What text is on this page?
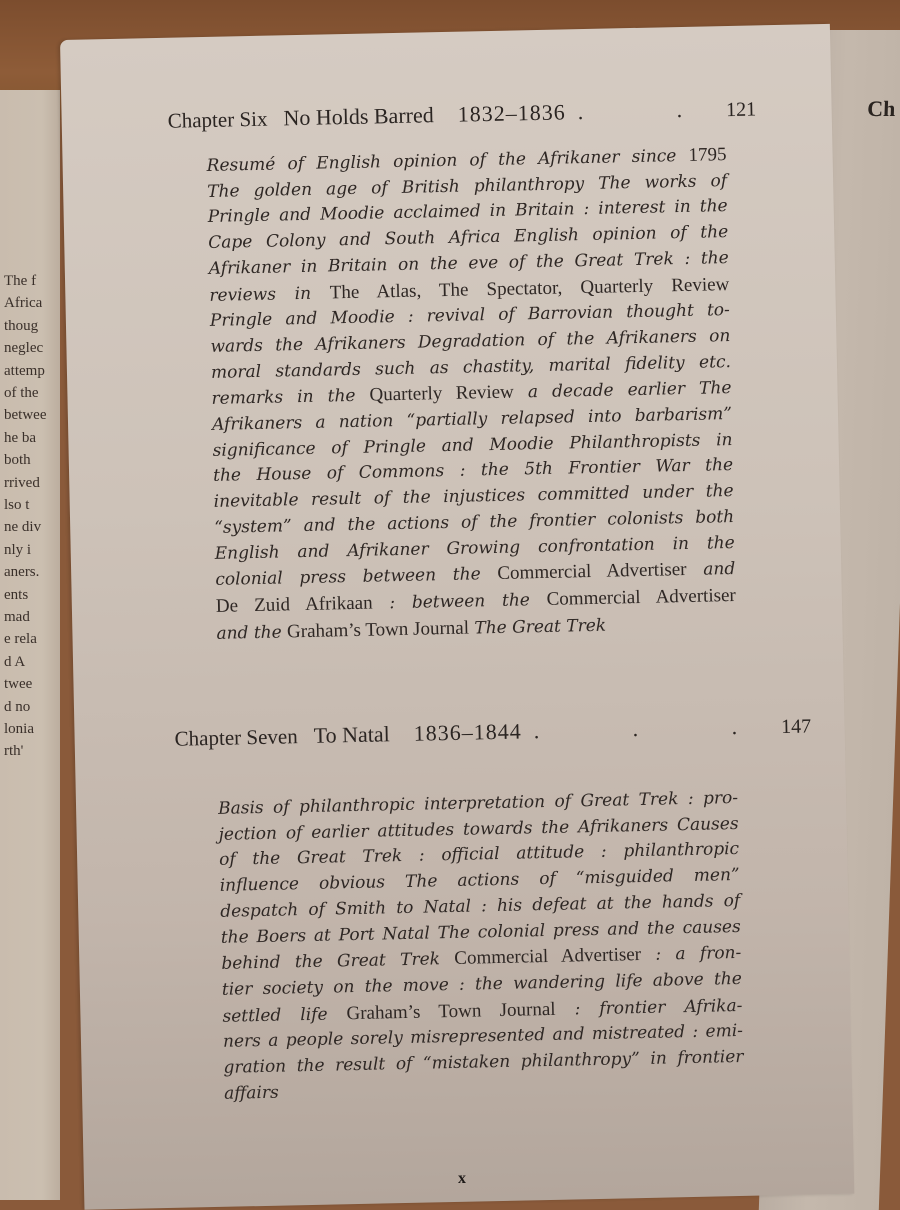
The f
Africa
thoug
neglec
attemp
of the
betwee
he ba
both
rrived
lso t
ne div
nly i
aners.
ents
mad
e rela
d A
twee
d no
lonia
rth'
Ch
Chapter Six No Holds Barred 1832–1836 . . 121
Resumé of English opinion of the Afrikaner since 1795
The golden age of British philanthropy The works of
Pringle and Moodie acclaimed in Britain : interest in the
Cape Colony and South Africa English opinion of the
Afrikaner in Britain on the eve of the Great Trek : the
reviews in The Atlas, The Spectator, Quarterly Review
Pringle and Moodie : revival of Barrovian thought to-
wards the Afrikaners Degradation of the Afrikaners on
moral standards such as chastity, marital fidelity etc.
remarks in the Quarterly Review a decade earlier The
Afrikaners a nation “partially relapsed into barbarism”
significance of Pringle and Moodie Philanthropists in
the House of Commons : the 5th Frontier War the
inevitable result of the injustices committed under the
“system” and the actions of the frontier colonists both
English and Afrikaner Growing confrontation in the
colonial press between the Commercial Advertiser and
De Zuid Afrikaan : between the Commercial Advertiser
and the Graham’s Town Journal The Great Trek
Chapter Seven To Natal 1836–1844 . . . 147
Basis of philanthropic interpretation of Great Trek : pro-
jection of earlier attitudes towards the Afrikaners Causes
of the Great Trek : official attitude : philanthropic
influence obvious The actions of “misguided men”
despatch of Smith to Natal : his defeat at the hands of
the Boers at Port Natal The colonial press and the causes
behind the Great Trek Commercial Advertiser : a fron-
tier society on the move : the wandering life above the
settled life Graham’s Town Journal : frontier Afrika-
ners a people sorely misrepresented and mistreated : emi-
gration the result of “mistaken philanthropy” in frontier
affairs
x
